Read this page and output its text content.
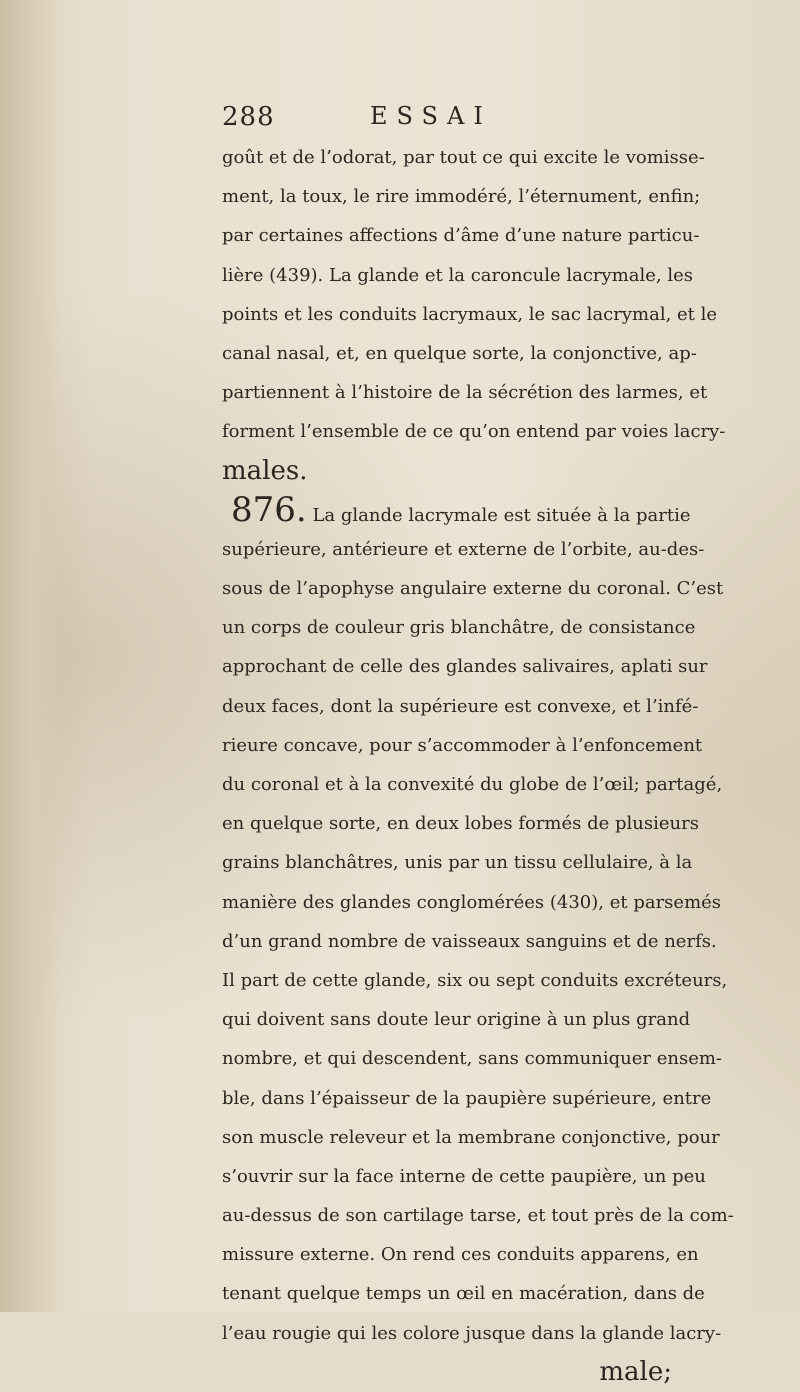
288	ESSAI
goût et de l’odorat, par tout ce qui excite le vomisse-
ment, la toux, le rire immodéré, l’éternument, enfin;
par certaines affections d’âme d’une nature particu-
lière (439). La glande et la caroncule lacrymale, les
points et les conduits lacrymaux, le sac lacrymal, et le
canal nasal, et, en quelque sorte, la conjonctive, ap-
partiennent à l’histoire de la sécrétion des larmes, et
forment l’ensemble de ce qu’on entend par voies lacry-
males.
 876. La glande lacrymale est située à la partie
supérieure, antérieure et externe de l’orbite, au-des-
sous de l’apophyse angulaire externe du coronal. C’est
un corps de couleur gris blanchâtre, de consistance
approchant de celle des glandes salivaires, aplati sur
deux faces, dont la supérieure est convexe, et l’infé-
rieure concave, pour s’accommoder à l’enfoncement
du coronal et à la convexité du globe de l’œil; partagé,
en quelque sorte, en deux lobes formés de plusieurs
grains blanchâtres, unis par un tissu cellulaire, à la
manière des glandes conglomérées (430), et parsemés
d’un grand nombre de vaisseaux sanguins et de nerfs.
Il part de cette glande, six ou sept conduits excréteurs,
qui doivent sans doute leur origine à un plus grand
nombre, et qui descendent, sans communiquer ensem-
ble, dans l’épaisseur de la paupière supérieure, entre
son muscle releveur et la membrane conjonctive, pour
s’ouvrir sur la face interne de cette paupière, un peu
au-dessus de son cartilage tarse, et tout près de la com-
missure externe. On rend ces conduits apparens, en
tenant quelque temps un œil en macération, dans de
l’eau rougie qui les colore jusque dans la glande lacry-
male;
